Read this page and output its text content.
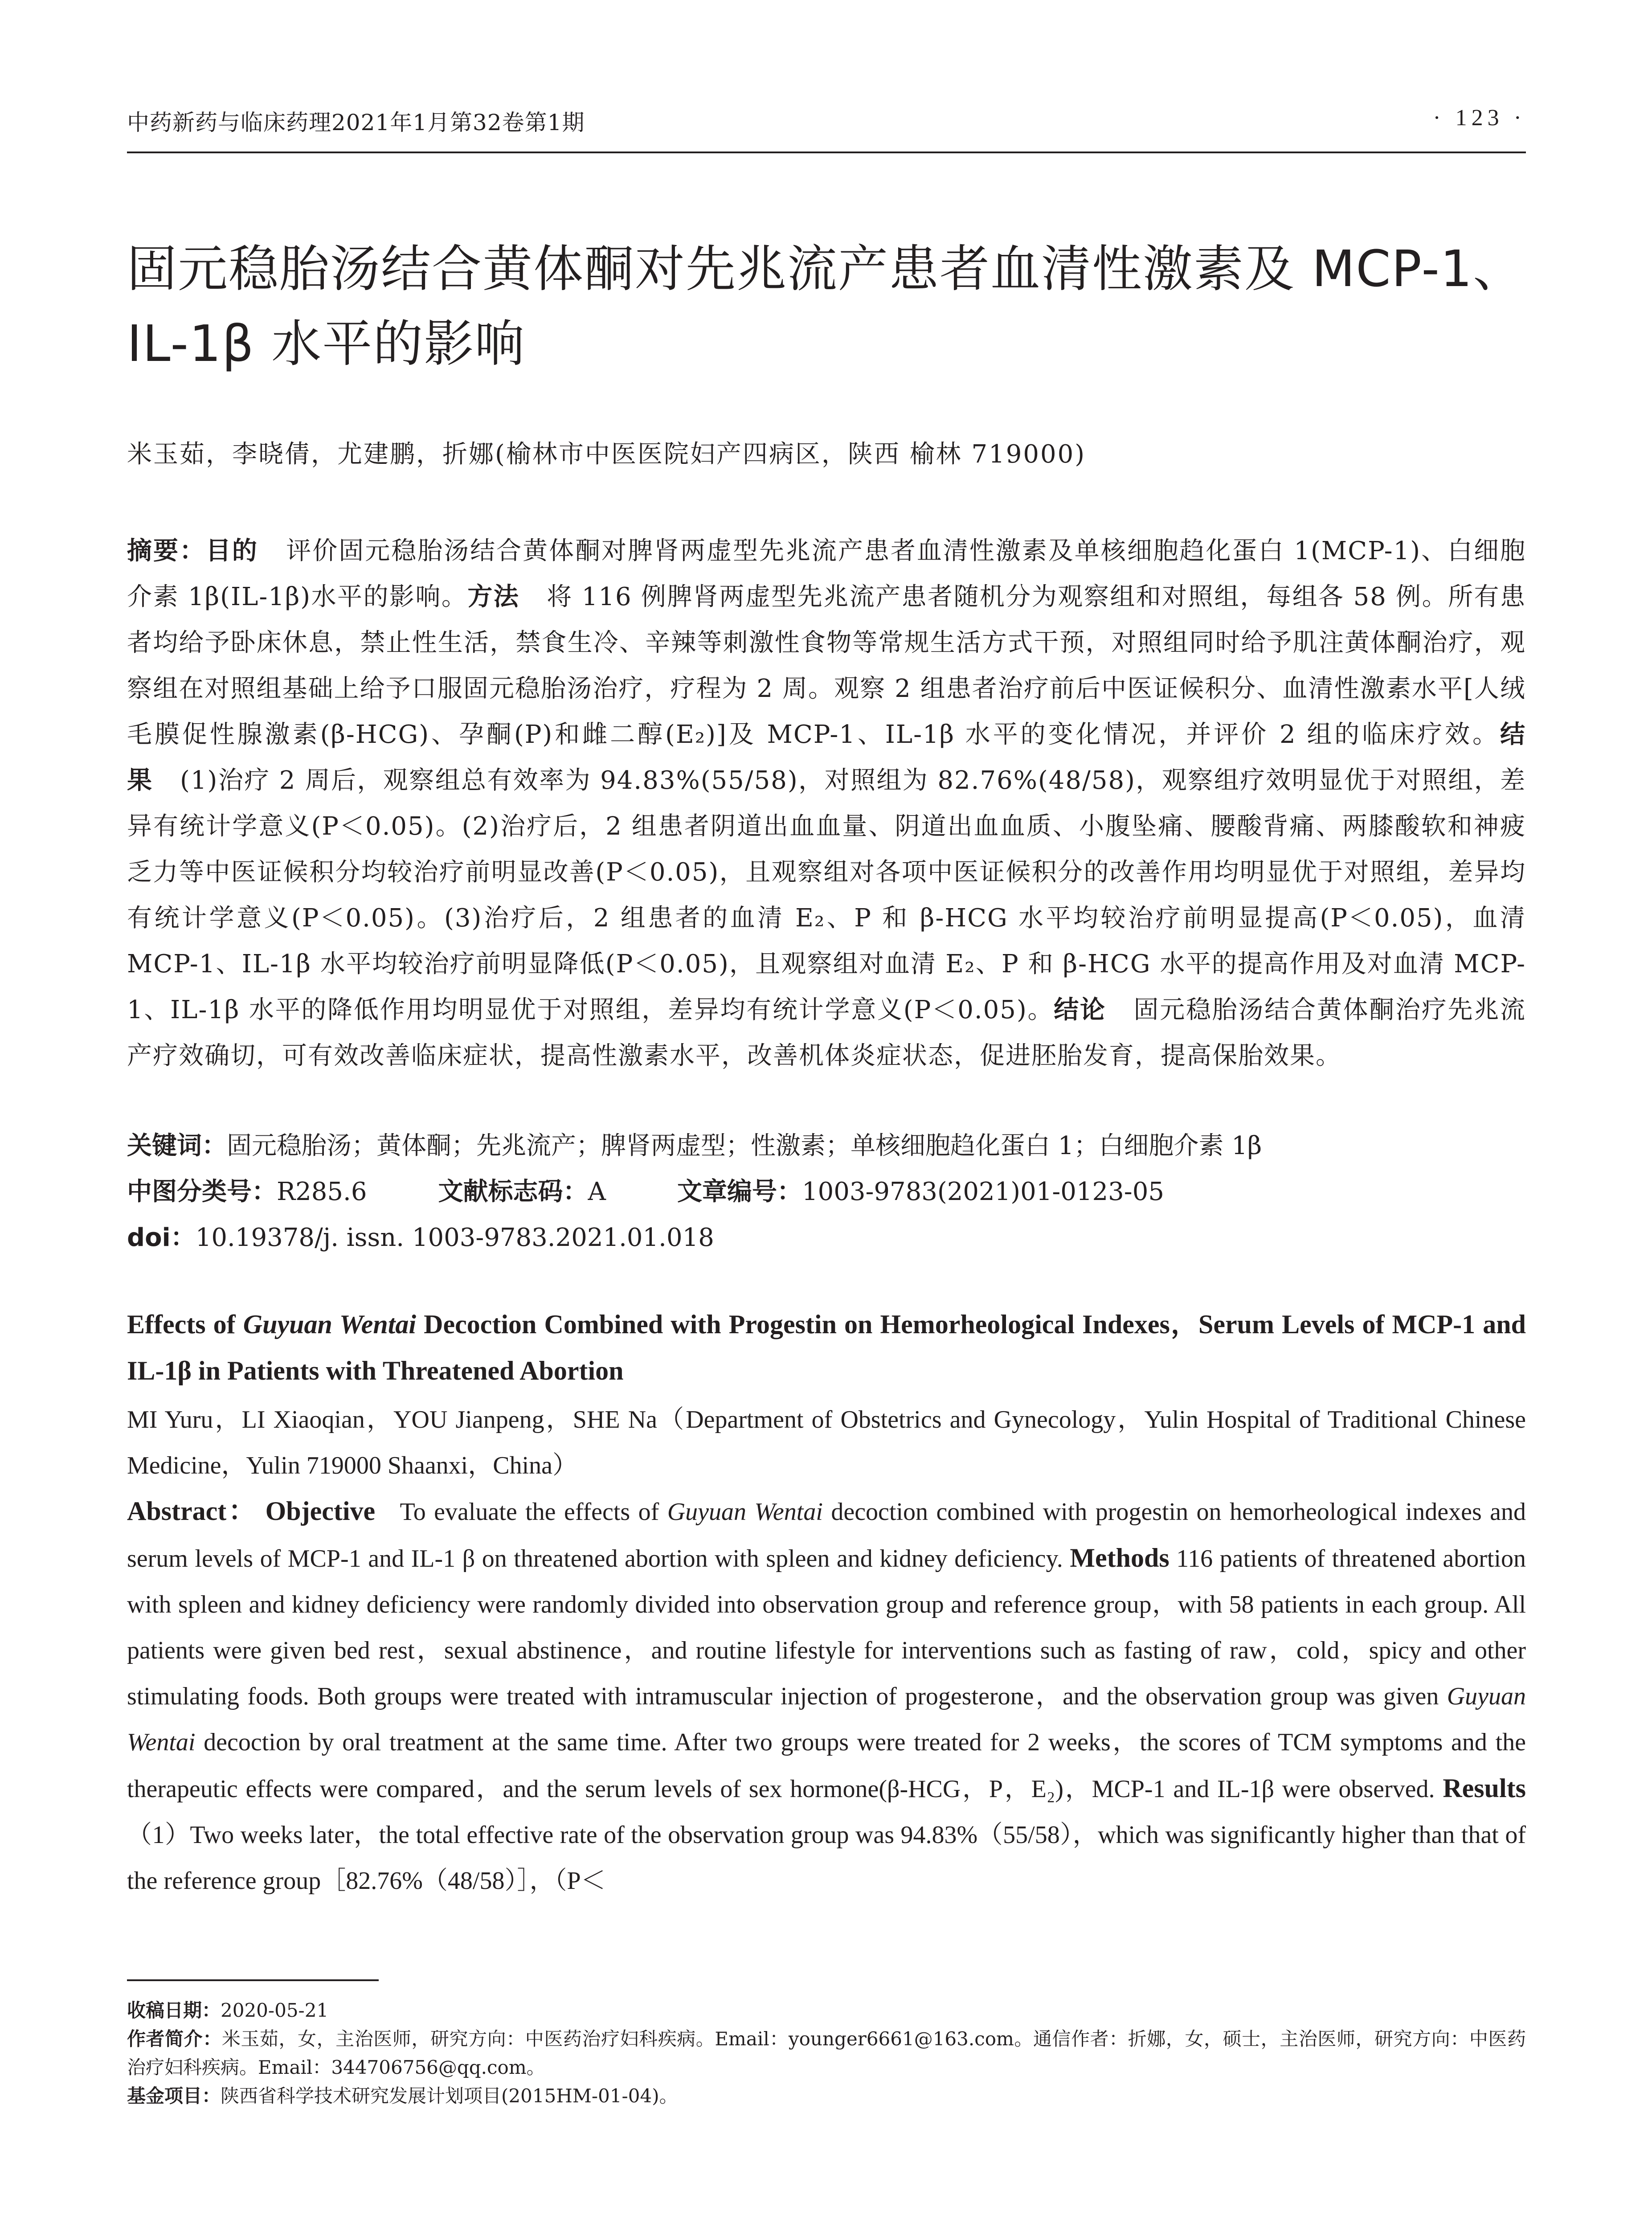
中药新药与临床药理2021年1月第32卷第1期	· 123 ·
固元稳胎汤结合黄体酮对先兆流产患者血清性激素及 MCP-1、
IL-1β 水平的影响
米玉茹，李晓倩，尤建鹏，折娜(榆林市中医医院妇产四病区，陕西 榆林 719000)
摘要：目的 评价固元稳胎汤结合黄体酮对脾肾两虚型先兆流产患者血清性激素及单核细胞趋化蛋白 1(MCP-1)、白细胞介素 1β(IL-1β)水平的影响。方法 将 116 例脾肾两虚型先兆流产患者随机分为观察组和对照组，每组各 58 例。所有患者均给予卧床休息，禁止性生活，禁食生冷、辛辣等刺激性食物等常规生活方式干预，对照组同时给予肌注黄体酮治疗，观察组在对照组基础上给予口服固元稳胎汤治疗，疗程为 2 周。观察 2 组患者治疗前后中医证候积分、血清性激素水平[人绒毛膜促性腺激素(β-HCG)、孕酮(P)和雌二醇(E₂)]及 MCP-1、IL-1β 水平的变化情况，并评价 2 组的临床疗效。结果 (1)治疗 2 周后，观察组总有效率为 94.83%(55/58)，对照组为 82.76%(48/58)，观察组疗效明显优于对照组，差异有统计学意义(P＜0.05)。(2)治疗后，2 组患者阴道出血血量、阴道出血血质、小腹坠痛、腰酸背痛、两膝酸软和神疲乏力等中医证候积分均较治疗前明显改善(P＜0.05)，且观察组对各项中医证候积分的改善作用均明显优于对照组，差异均有统计学意义(P＜0.05)。(3)治疗后，2 组患者的血清 E₂、P 和 β-HCG 水平均较治疗前明显提高(P＜0.05)，血清 MCP-1、IL-1β 水平均较治疗前明显降低(P＜0.05)，且观察组对血清 E₂、P 和 β-HCG 水平的提高作用及对血清 MCP-1、IL-1β 水平的降低作用均明显优于对照组，差异均有统计学意义(P＜0.05)。结论 固元稳胎汤结合黄体酮治疗先兆流产疗效确切，可有效改善临床症状，提高性激素水平，改善机体炎症状态，促进胚胎发育，提高保胎效果。
关键词：固元稳胎汤；黄体酮；先兆流产；脾肾两虚型；性激素；单核细胞趋化蛋白 1；白细胞介素 1β
中图分类号：R285.6	文献标志码：A	文章编号：1003-9783(2021)01-0123-05
doi：10.19378/j. issn. 1003-9783.2021.01.018
Effects of Guyuan Wentai Decoction Combined with Progestin on Hemorheological Indexes，Serum Levels of MCP-1 and IL-1β in Patients with Threatened Abortion
MI Yuru，LI Xiaoqian，YOU Jianpeng，SHE Na（Department of Obstetrics and Gynecology，Yulin Hospital of Traditional Chinese Medicine，Yulin 719000 Shaanxi，China）
Abstract： Objective To evaluate the effects of Guyuan Wentai decoction combined with progestin on hemorheological indexes and serum levels of MCP-1 and IL-1 β on threatened abortion with spleen and kidney deficiency. Methods 116 patients of threatened abortion with spleen and kidney deficiency were randomly divided into observation group and reference group，with 58 patients in each group. All patients were given bed rest，sexual abstinence，and routine lifestyle for interventions such as fasting of raw，cold，spicy and other stimulating foods. Both groups were treated with intramuscular injection of progesterone，and the observation group was given Guyuan Wentai decoction by oral treatment at the same time. After two groups were treated for 2 weeks，the scores of TCM symptoms and the therapeutic effects were compared，and the serum levels of sex hormone(β-HCG，P，E₂)，MCP-1 and IL-1β were observed. Results（1）Two weeks later，the total effective rate of the observation group was 94.83%（55/58），which was significantly higher than that of the reference group［82.76%（48/58）］，（P＜
收稿日期：2020-05-21
作者简介：米玉茹，女，主治医师，研究方向：中医药治疗妇科疾病。Email：younger6661@163.com。通信作者：折娜，女，硕士，主治医师，研究方向：中医药治疗妇科疾病。Email：344706756@qq.com。
基金项目：陕西省科学技术研究发展计划项目(2015HM-01-04)。
